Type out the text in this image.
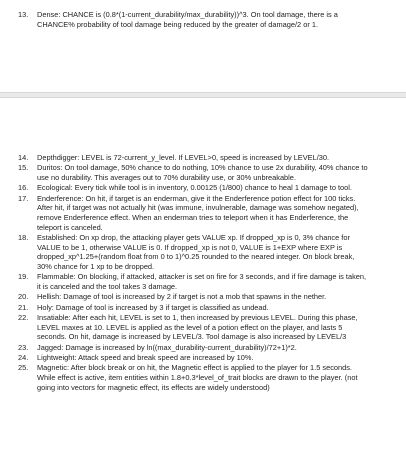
13.	Dense: CHANCE is (0.8*(1-current_durability/max_durability))^3. On tool damage, there is a CHANCE% probability of tool damage being reduced by the greater of damage/2 or 1.
14.	Depthdigger: LEVEL is 72-current_y_level. If LEVEL>0, speed is increased by LEVEL/30.
15.	Duritos: On tool damage, 50% chance to do nothing, 10% chance to use 2x durability, 40% chance to use no durability. This averages out to 70% durability use, or 30% unbreakable.
16.	Ecological: Every tick while tool is in inventory, 0.00125 (1/800) chance to heal 1 damage to tool.
17.	Enderference: On hit, if target is an enderman, give it the Enderference potion effect for 100 ticks. After hit, if target was not actually hit (was immune, invulnerable, damage was somehow negated), remove Enderference effect. When an enderman tries to teleport when it has Enderference, the teleport is canceled.
18.	Established: On xp drop, the attacking player gets VALUE xp. If dropped_xp is 0, 3% chance for VALUE to be 1, otherwise VALUE is 0. If dropped_xp is not 0, VALUE is 1+EXP where EXP is dropped_xp^1.25+(random float from 0 to 1)^0.25 rounded to the neared integer. On block break, 30% chance for 1 xp to be dropped.
19.	Flammable: On blocking, if attacked, attacker is set on fire for 3 seconds, and if fire damage is taken, it is canceled and the tool takes 3 damage.
20.	Hellish: Damage of tool is increased by 2 if target is not a mob that spawns in the nether.
21.	Holy: Damage of tool is increased by 3 if target is classified as undead.
22.	Insatiable: After each hit, LEVEL is set to 1, then increased by previous LEVEL. During this phase, LEVEL maxes at 10. LEVEL is applied as the level of a potion effect on the player, and lasts 5 seconds. On hit, damage is increased by LEVEL/3. Tool damage is also increased by LEVEL/3
23.	Jagged: Damage is increased by ln((max_durability-current_durability)/72+1)*2.
24.	Lightweight: Attack speed and break speed are increased by 10%.
25.	Magnetic: After block break or on hit, the Magnetic effect is applied to the player for 1.5 seconds. While effect is active, item entities within 1.8+0.3*level_of_trait blocks are drawn to the player. (not going into vectors for magnetic effect, its effects are widely understood)
